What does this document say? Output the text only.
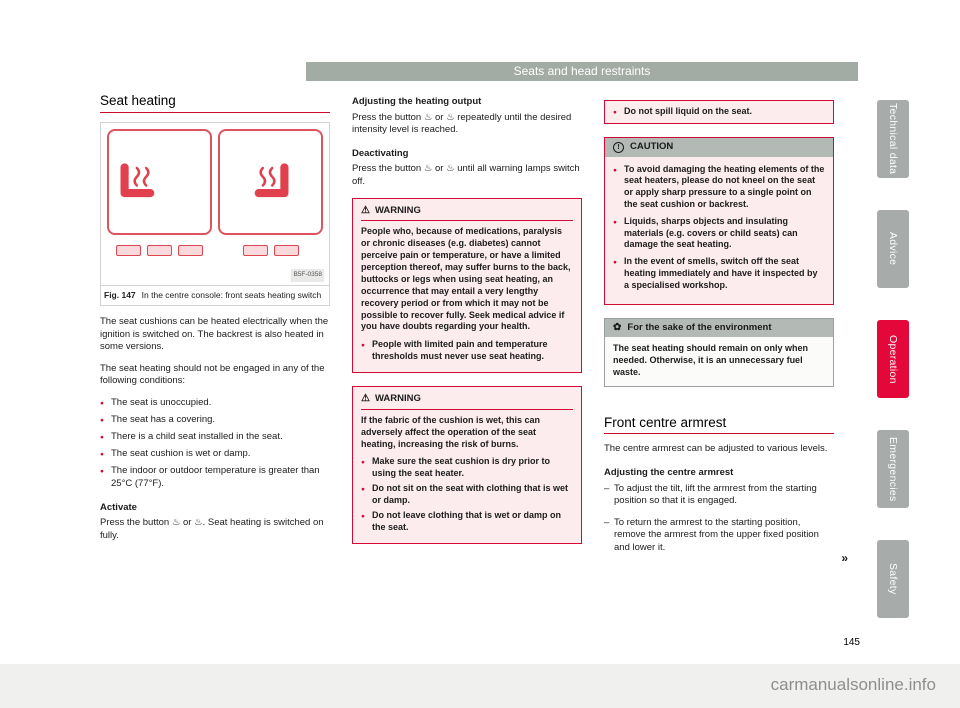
Seats and head restraints
Seat heating
B5F-0358
Fig. 147 In the centre console: front seats heating switch

The seat cushions can be heated electrically when the ignition is switched on. The backrest is also heated in some versions.

The seat heating should not be engaged in any of the following conditions:

● The seat is unoccupied.
● The seat has a covering.
● There is a child seat installed in the seat.
● The seat cushion is wet or damp.
● The indoor or outdoor temperature is greater than 25°C (77°F).
Activate

Press the button ♨ or ♨. Seat heating is switched on fully.

Adjusting the heating output

Press the button ♨ or ♨ repeatedly until the desired intensity level is reached.

Deactivating

Press the button ♨ or ♨ until all warning lamps switch off.

⚠ WARNING

People who, because of medications, paralysis or chronic diseases (e.g. diabetes) cannot perceive pain or temperature, or have a limited perception thereof, may suffer burns to the back, buttocks or legs when using seat heating, an occurrence that may entail a very lengthy recovery period or from which it may not be possible to recover fully. Seek medical advice if you have doubts regarding your health.

● People with limited pain and temperature thresholds must never use seat heating.
⚠ WARNING

If the fabric of the cushion is wet, this can adversely affect the operation of the seat heating, increasing the risk of burns.

● Make sure the seat cushion is dry prior to using the seat heater.
● Do not sit on the seat with clothing that is wet or damp.
● Do not leave clothing that is wet or damp on the seat.
● Do not spill liquid on the seat.
!	CAUTION
● To avoid damaging the heating elements of the seat heaters, please do not kneel on the seat or apply sharp pressure to a single point on the seat cushion or backrest.
● Liquids, sharps objects and insulating materials (e.g. covers or child seats) can damage the seat heating.
● In the event of smells, switch off the seat heating immediately and have it inspected by a specialised workshop.
✿ For the sake of the environment

The seat heating should remain on only when needed. Otherwise, it is an unnecessary fuel waste.

Front centre armrest

The centre armrest can be adjusted to various levels.

Adjusting the centre armrest
– To adjust the tilt, lift the armrest from the starting position so that it is engaged.
– To return the armrest to the starting position, remove the armrest from the upper fixed position and lower it.
»
Technical data
Advice
Operation
Emergencies
Safety
145
carmanualsonline.info
